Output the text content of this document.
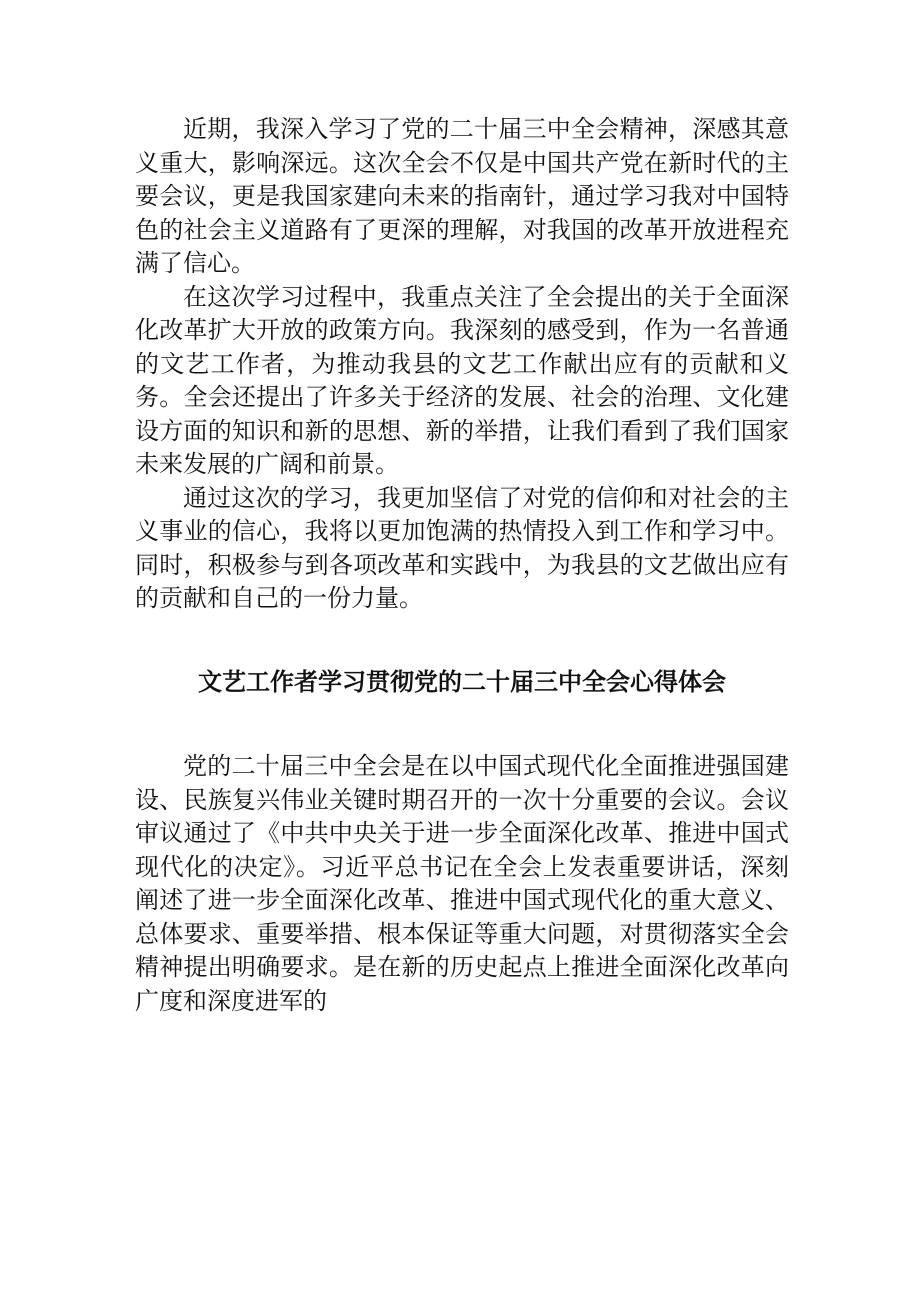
近期，我深入学习了党的二十届三中全会精神，深感其意义重大，影响深远。这次全会不仅是中国共产党在新时代的主要会议，更是我国家建向未来的指南针，通过学习我对中国特色的社会主义道路有了更深的理解，对我国的改革开放进程充满了信心。

在这次学习过程中，我重点关注了全会提出的关于全面深化改革扩大开放的政策方向。我深刻的感受到，作为一名普通的文艺工作者，为推动我县的文艺工作献出应有的贡献和义务。全会还提出了许多关于经济的发展、社会的治理、文化建设方面的知识和新的思想、新的举措，让我们看到了我们国家未来发展的广阔和前景。

通过这次的学习，我更加坚信了对党的信仰和对社会的主义事业的信心，我将以更加饱满的热情投入到工作和学习中。同时，积极参与到各项改革和实践中，为我县的文艺做出应有的贡献和自己的一份力量。

文艺工作者学习贯彻党的二十届三中全会心得体会

党的二十届三中全会是在以中国式现代化全面推进强国建设、民族复兴伟业关键时期召开的一次十分重要的会议。会议审议通过了《中共中央关于进一步全面深化改革、推进中国式现代化的决定》。习近平总书记在全会上发表重要讲话，深刻阐述了进一步全面深化改革、推进中国式现代化的重大意义、总体要求、重要举措、根本保证等重大问题，对贯彻落实全会精神提出明确要求。是在新的历史起点上推进全面深化改革向广度和深度进军的
